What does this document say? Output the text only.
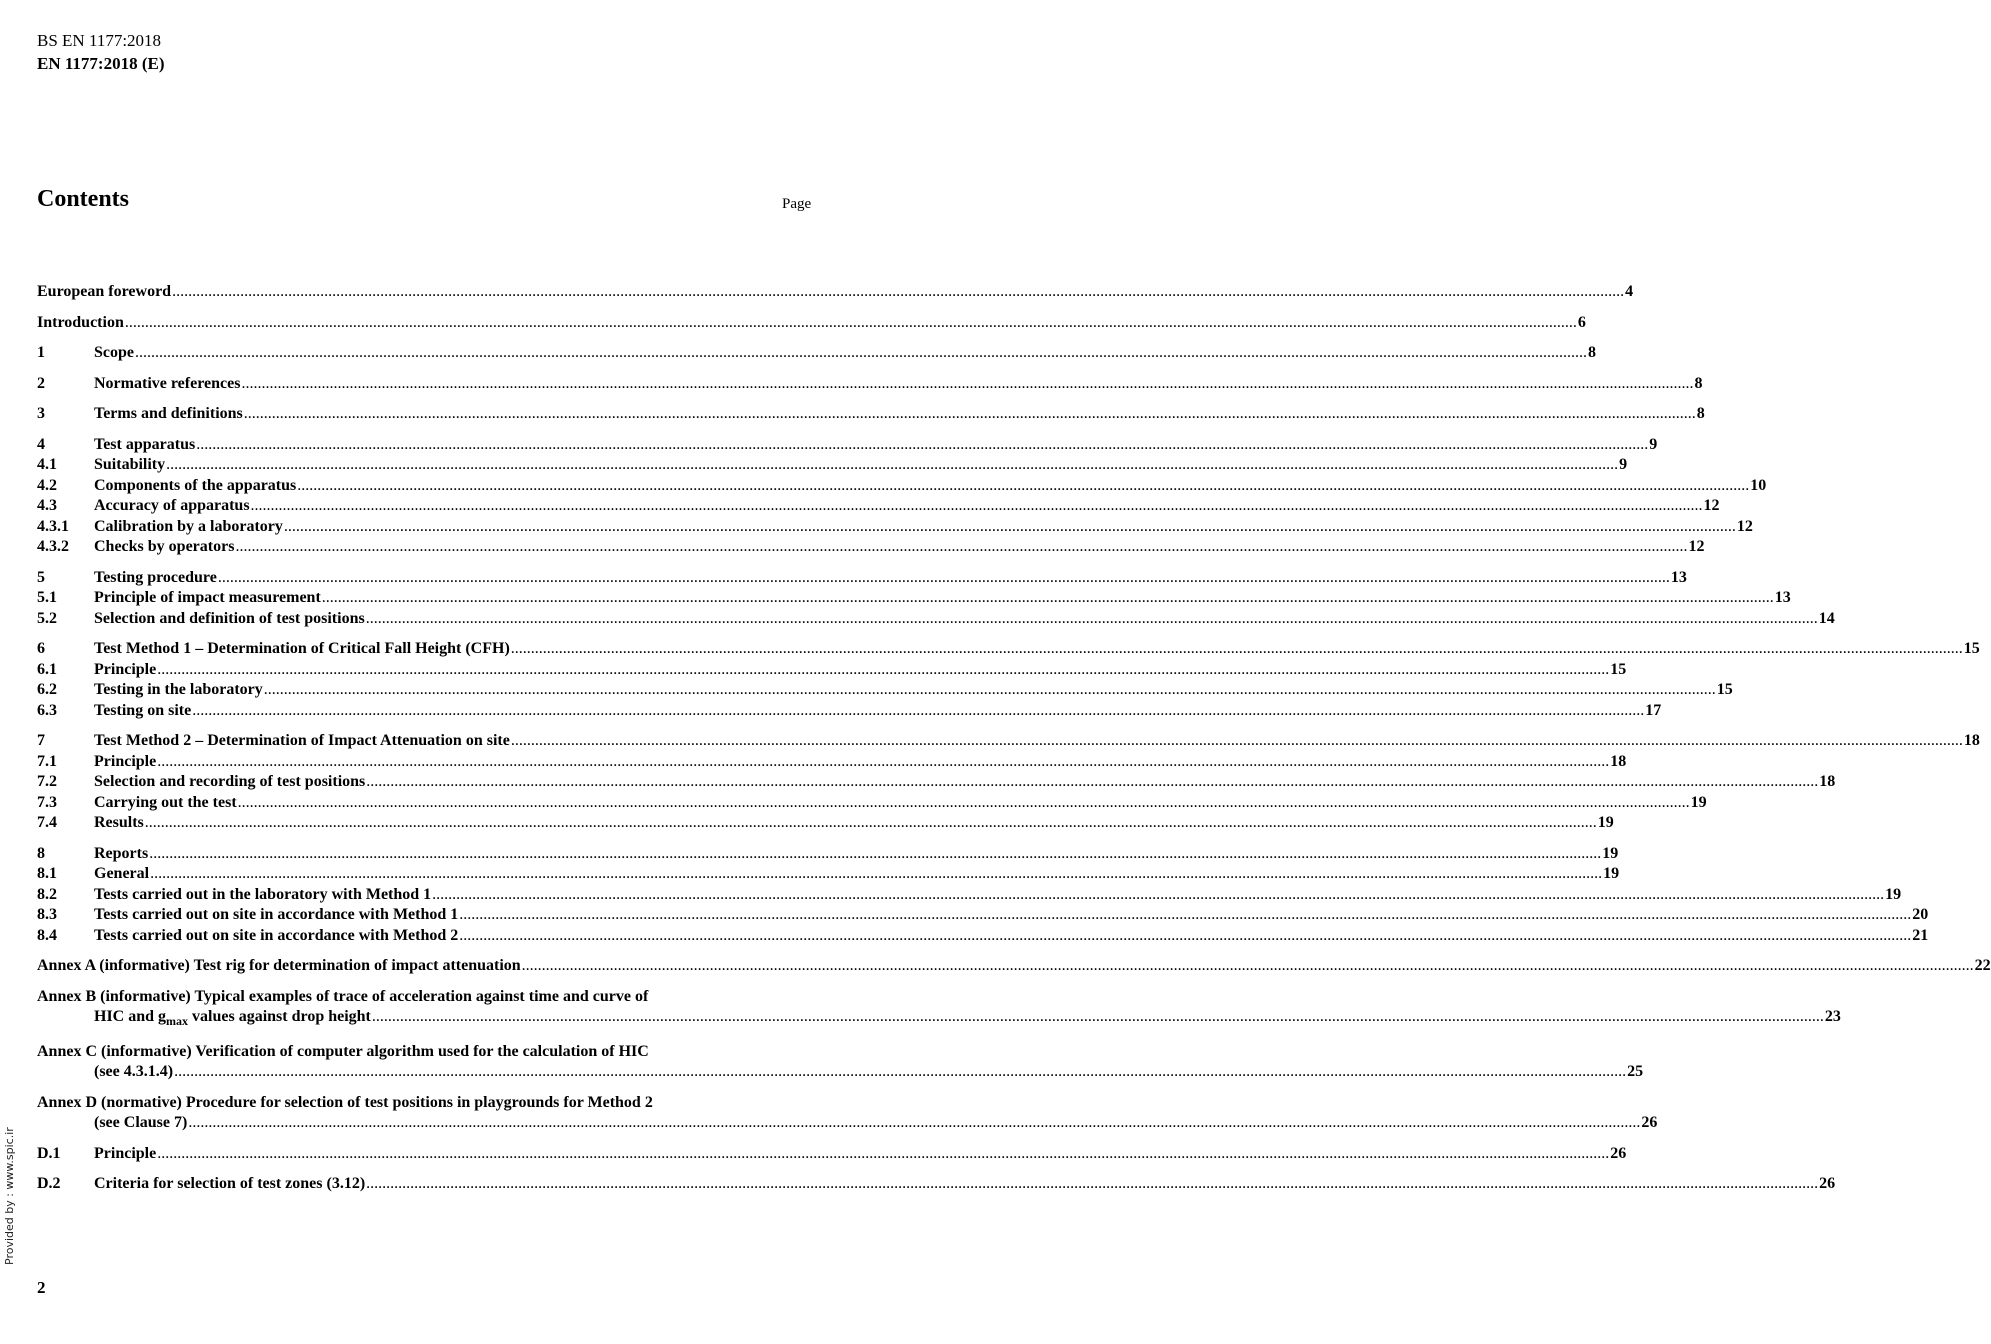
BS EN 1177:2018
EN 1177:2018 (E)
Contents	Page
European foreword .....	4
Introduction .....	6
1	Scope .....	8
2	Normative references .....	8
3	Terms and definitions .....	8
4	Test apparatus .....	9
4.1	Suitability .....	9
4.2	Components of the apparatus .....	10
4.3	Accuracy of apparatus .....	12
4.3.1	Calibration by a laboratory .....	12
4.3.2	Checks by operators .....	12
5	Testing procedure .....	13
5.1	Principle of impact measurement .....	13
5.2	Selection and definition of test positions .....	14
6	Test Method 1 – Determination of Critical Fall Height (CFH) .....	15
6.1	Principle .....	15
6.2	Testing in the laboratory .....	15
6.3	Testing on site .....	17
7	Test Method 2 – Determination of Impact Attenuation on site .....	18
7.1	Principle .....	18
7.2	Selection and recording of test positions .....	18
7.3	Carrying out the test .....	19
7.4	Results .....	19
8	Reports .....	19
8.1	General .....	19
8.2	Tests carried out in the laboratory with Method 1 .....	19
8.3	Tests carried out on site in accordance with Method 1 .....	20
8.4	Tests carried out on site in accordance with Method 2 .....	21
Annex A (informative) Test rig for determination of impact attenuation .....	22
Annex B (informative) Typical examples of trace of acceleration against time and curve of
HIC and $g_{max}$ values against drop height .....	23
Annex C (informative) Verification of computer algorithm used for the calculation of HIC
(see 4.3.1.4) .....	25
Annex D (normative) Procedure for selection of test positions in playgrounds for Method 2
(see Clause 7) .....	26
D.1	Principle .....	26
D.2	Criteria for selection of test zones (3.12) .....	26
Provided by : www.spic.ir
2
